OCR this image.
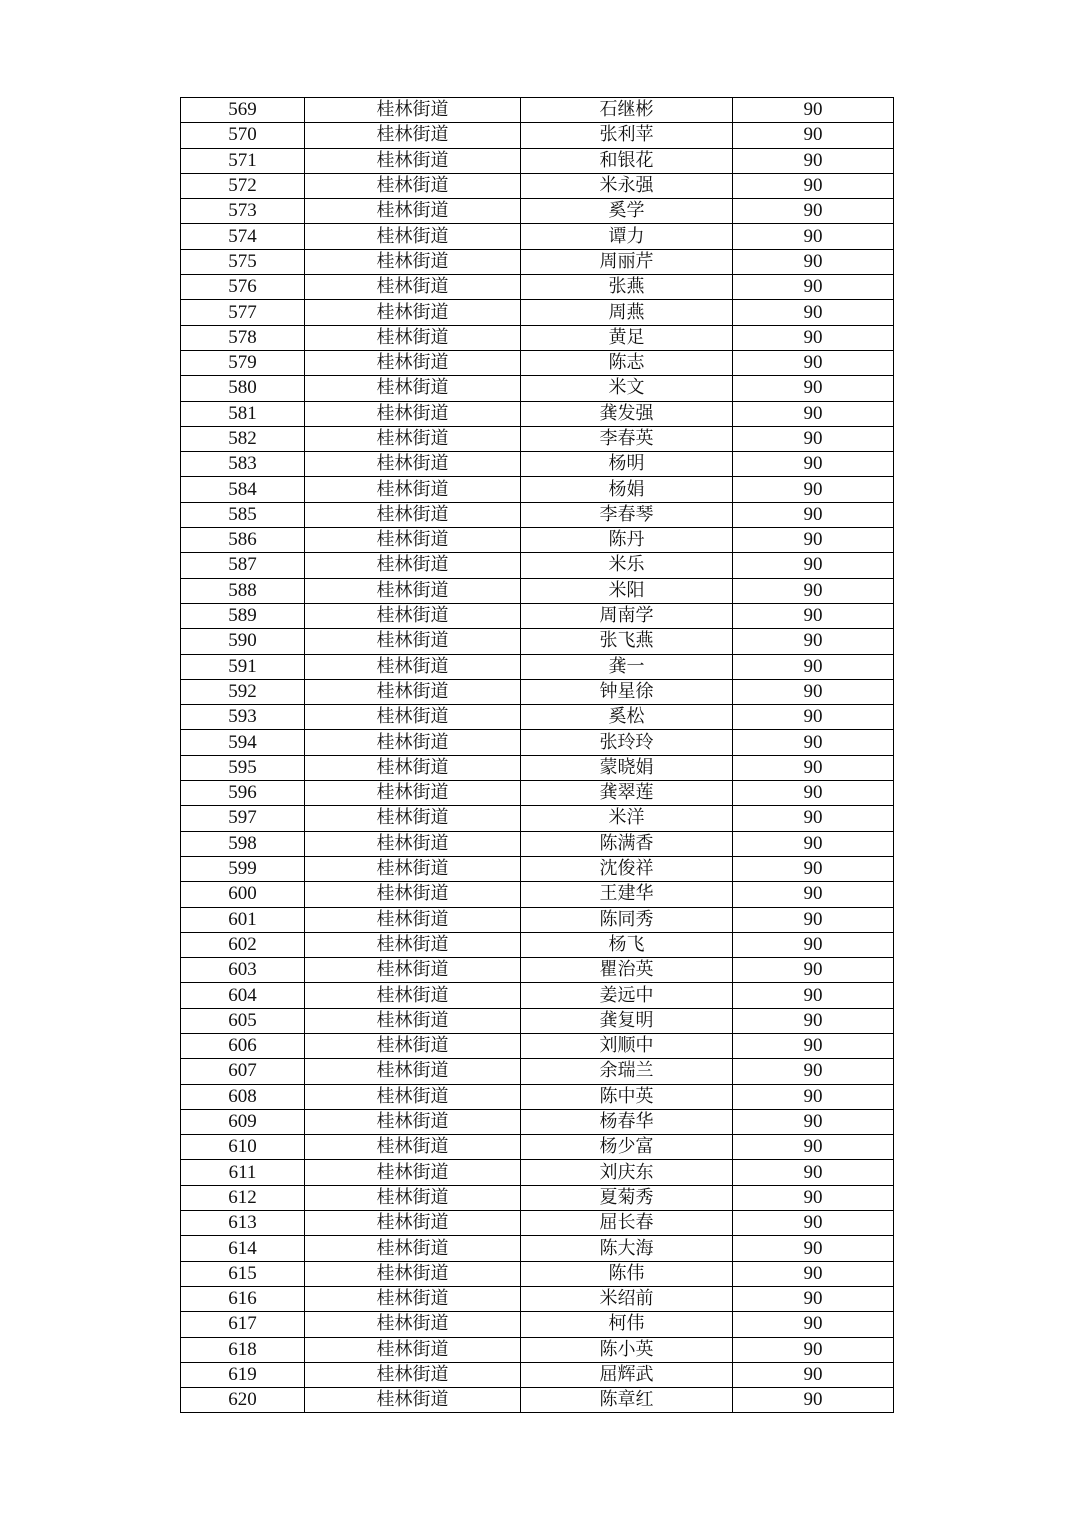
569	桂林街道	石继彬	90
570	桂林街道	张利苹	90
571	桂林街道	和银花	90
572	桂林街道	米永强	90
573	桂林街道	奚学	90
574	桂林街道	谭力	90
575	桂林街道	周丽芹	90
576	桂林街道	张燕	90
577	桂林街道	周燕	90
578	桂林街道	黄足	90
579	桂林街道	陈志	90
580	桂林街道	米文	90
581	桂林街道	龚发强	90
582	桂林街道	李春英	90
583	桂林街道	杨明	90
584	桂林街道	杨娟	90
585	桂林街道	李春琴	90
586	桂林街道	陈丹	90
587	桂林街道	米乐	90
588	桂林街道	米阳	90
589	桂林街道	周南学	90
590	桂林街道	张飞燕	90
591	桂林街道	龚一	90
592	桂林街道	钟星徐	90
593	桂林街道	奚松	90
594	桂林街道	张玲玲	90
595	桂林街道	蒙晓娟	90
596	桂林街道	龚翠莲	90
597	桂林街道	米洋	90
598	桂林街道	陈满香	90
599	桂林街道	沈俊祥	90
600	桂林街道	王建华	90
601	桂林街道	陈同秀	90
602	桂林街道	杨飞	90
603	桂林街道	瞿治英	90
604	桂林街道	姜远中	90
605	桂林街道	龚复明	90
606	桂林街道	刘顺中	90
607	桂林街道	余瑞兰	90
608	桂林街道	陈中英	90
609	桂林街道	杨春华	90
610	桂林街道	杨少富	90
611	桂林街道	刘庆东	90
612	桂林街道	夏菊秀	90
613	桂林街道	屈长春	90
614	桂林街道	陈大海	90
615	桂林街道	陈伟	90
616	桂林街道	米绍前	90
617	桂林街道	柯伟	90
618	桂林街道	陈小英	90
619	桂林街道	屈辉武	90
620	桂林街道	陈章红	90
